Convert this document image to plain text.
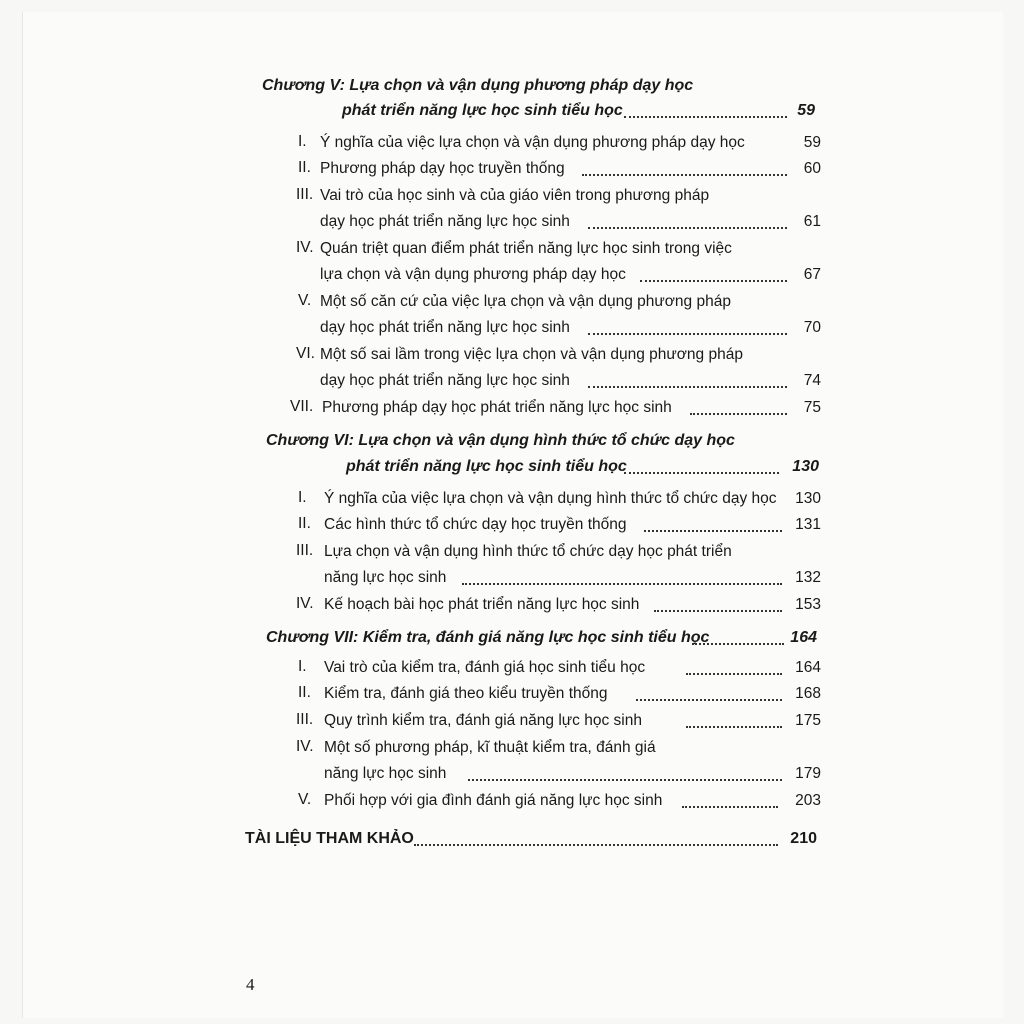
Chương V: Lựa chọn và vận dụng phương pháp dạy học
phát triển năng lực học sinh tiểu học	59
I. Ý nghĩa của việc lựa chọn và vận dụng phương pháp dạy học	59
II. Phương pháp dạy học truyền thống	60
III. Vai trò của học sinh và của giáo viên trong phương pháp
dạy học phát triển năng lực học sinh	61
IV. Quán triệt quan điểm phát triển năng lực học sinh trong việc
lựa chọn và vận dụng phương pháp dạy học	67
V. Một số căn cứ của việc lựa chọn và vận dụng phương pháp
dạy học phát triển năng lực học sinh	70
VI. Một số sai lầm trong việc lựa chọn và vận dụng phương pháp
dạy học phát triển năng lực học sinh	74
VII. Phương pháp dạy học phát triển năng lực học sinh	75
Chương VI: Lựa chọn và vận dụng hình thức tổ chức dạy học
phát triển năng lực học sinh tiểu học	130
I. Ý nghĩa của việc lựa chọn và vận dụng hình thức tổ chức dạy học 130
II. Các hình thức tổ chức dạy học truyền thống	131
III. Lựa chọn và vận dụng hình thức tổ chức dạy học phát triển
năng lực học sinh	132
IV. Kế hoạch bài học phát triển năng lực học sinh	153
Chương VII: Kiểm tra, đánh giá năng lực học sinh tiểu học	164
I. Vai trò của kiểm tra, đánh giá học sinh tiểu học	164
II. Kiểm tra, đánh giá theo kiểu truyền thống	168
III. Quy trình kiểm tra, đánh giá năng lực học sinh	175
IV. Một số phương pháp, kĩ thuật kiểm tra, đánh giá
năng lực học sinh	179
V. Phối hợp với gia đình đánh giá năng lực học sinh	203
TÀI LIỆU THAM KHẢO	210
4
